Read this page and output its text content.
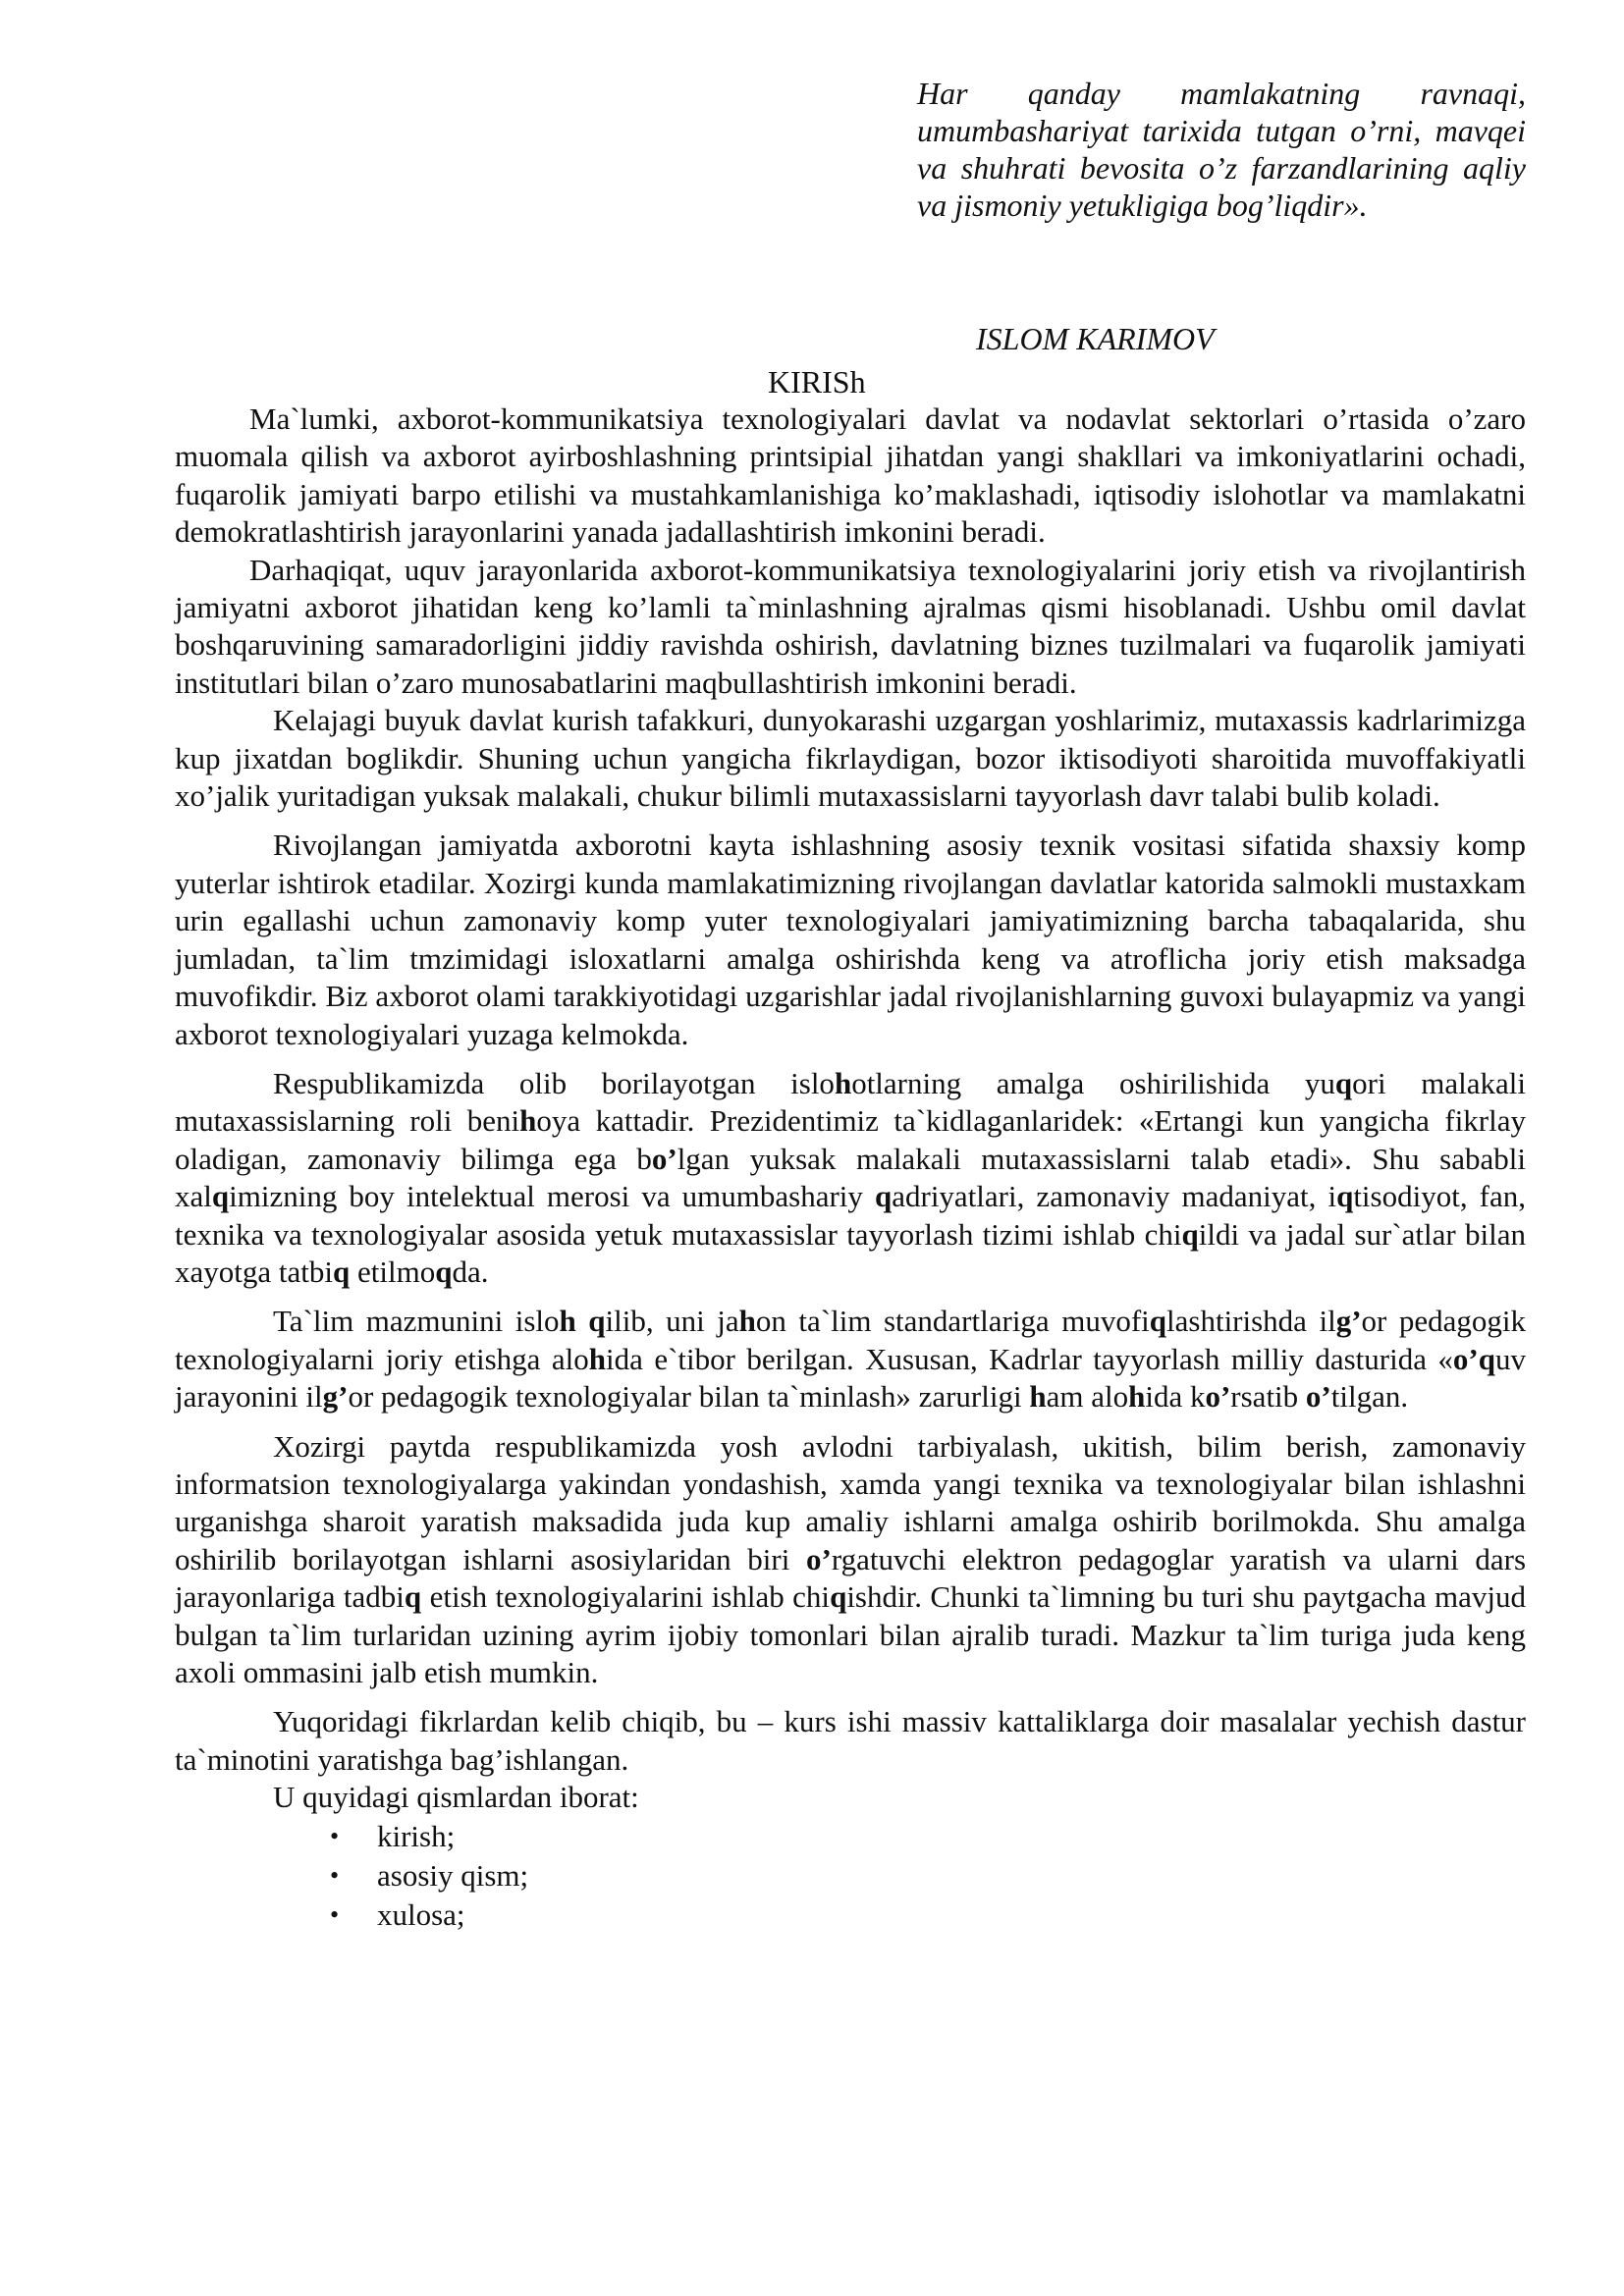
Har qanday mamlakatning ravnaqi, umumbashariyat tarixida tutgan o’rni, mavqei va shuhrati bevosita o’z farzandlarining aqliy va jismoniy yetukligiga bog’liqdir».
ISLOM KARIMOV
KIRISh

Ma`lumki, axborot-kommunikatsiya texnologiyalari davlat va nodavlat sektorlari o’rtasida o’zaro muomala qilish va axborot ayirboshlashning printsipial jihatdan yangi shakllari va imkoniyatlarini ochadi, fuqarolik jamiyati barpo etilishi va mustahkamlanishiga ko’maklashadi, iqtisodiy islohotlar va mamlakatni demokratlashtirish jarayonlarini yanada jadallashtirish imkonini beradi.

Darhaqiqat, uquv jarayonlarida axborot-kommunikatsiya texnologiyalarini joriy etish va rivojlantirish jamiyatni axborot jihatidan keng ko’lamli ta`minlashning ajralmas qismi hisoblanadi. Ushbu omil davlat boshqaruvining samaradorligini jiddiy ravishda oshirish, davlatning biznes tuzilmalari va fuqarolik jamiyati institutlari bilan o’zaro munosabatlarini maqbullashtirish imkonini beradi.

Kelajagi buyuk davlat kurish tafakkuri, dunyokarashi uzgargan yoshlarimiz, mutaxassis kadrlarimizga kup jixatdan boglikdir. Shuning uchun yangicha fikrlaydigan, bozor iktisodiyoti sharoitida muvoffakiyatli xo’jalik yuritadigan yuksak malakali, chukur bilimli mutaxassislarni tayyorlash davr talabi bulib koladi.

Rivojlangan jamiyatda axborotni kayta ishlashning asosiy texnik vositasi sifatida shaxsiy komp yuterlar ishtirok etadilar. Xozirgi kunda mamlakatimizning rivojlangan davlatlar katorida salmokli mustaxkam urin egallashi uchun zamonaviy komp yuter texnologiyalari jamiyatimizning barcha tabaqalarida, shu jumladan, ta`lim tmzimidagi isloxatlarni amalga oshirishda keng va atroflicha joriy etish maksadga muvofikdir. Biz axborot olami tarakkiyotidagi uzgarishlar jadal rivojlanishlarning guvoxi bulayapmiz va yangi axborot texnologiyalari yuzaga kelmokda.

Respublikamizda olib borilayotgan islohotlarning amalga oshirilishida yuqori malakali mutaxassislarning roli benihoya kattadir. Prezidentimiz ta`kidlaganlaridek: «Ertangi kun yangicha fikrlay oladigan, zamonaviy bilimga ega bo’lgan yuksak malakali mutaxassislarni talab etadi». Shu sababli xalqimizning boy intelektual merosi va umumbashariy qadriyatlari, zamonaviy madaniyat, iqtisodiyot, fan, texnika va texnologiyalar asosida yetuk mutaxassislar tayyorlash tizimi ishlab chiqildi va jadal sur`atlar bilan xayotga tatbiq etilmoqda.

Ta`lim mazmunini isloh qilib, uni jahon ta`lim standartlariga muvofiqlashtirishda ilg’or pedagogik texnologiyalarni joriy etishga alohida e`tibor berilgan. Xususan, Kadrlar tayyorlash milliy dasturida «o’quv jarayonini ilg’or pedagogik texnologiyalar bilan ta`minlash» zarurligi ham alohida ko’rsatib o’tilgan.

Xozirgi paytda respublikamizda yosh avlodni tarbiyalash, ukitish, bilim berish, zamonaviy informatsion texnologiyalarga yakindan yondashish, xamda yangi texnika va texnologiyalar bilan ishlashni urganishga sharoit yaratish maksadida juda kup amaliy ishlarni amalga oshirib borilmokda. Shu amalga oshirilib borilayotgan ishlarni asosiylaridan biri o’rgatuvchi elektron pedagoglar yaratish va ularni dars jarayonlariga tadbiq etish texnologiyalarini ishlab chiqishdir. Chunki ta`limning bu turi shu paytgacha mavjud bulgan ta`lim turlaridan uzining ayrim ijobiy tomonlari bilan ajralib turadi. Mazkur ta`lim turiga juda keng axoli ommasini jalb etish mumkin.

Yuqoridagi fikrlardan kelib chiqib, bu – kurs ishi massiv kattaliklarga doir masalalar yechish dastur ta`minotini yaratishga bag’ishlangan.

U quyidagi qismlardan iborat:

• kirish;
• asosiy qism;
• xulosa;
